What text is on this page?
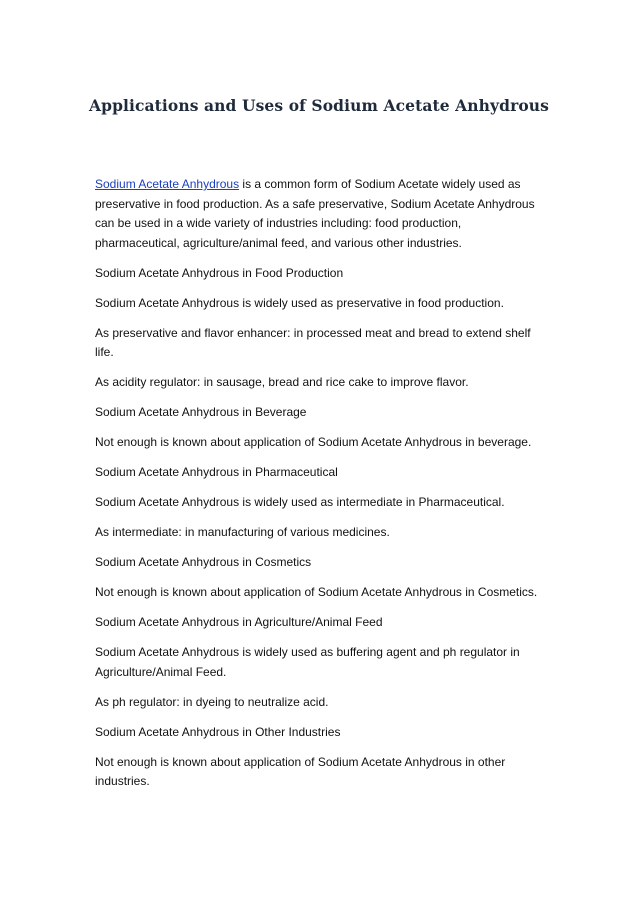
Applications and Uses of Sodium Acetate Anhydrous

Sodium Acetate Anhydrous is a common form of Sodium Acetate widely used as preservative in food production. As a safe preservative, Sodium Acetate Anhydrous can be used in a wide variety of industries including: food production, pharmaceutical, agriculture/animal feed, and various other industries.

Sodium Acetate Anhydrous in Food Production

Sodium Acetate Anhydrous is widely used as preservative in food production.

As preservative and flavor enhancer: in processed meat and bread to extend shelf life.

As acidity regulator: in sausage, bread and rice cake to improve flavor.

Sodium Acetate Anhydrous in Beverage

Not enough is known about application of Sodium Acetate Anhydrous in beverage.

Sodium Acetate Anhydrous in Pharmaceutical

Sodium Acetate Anhydrous is widely used as intermediate in Pharmaceutical.

As intermediate: in manufacturing of various medicines.

Sodium Acetate Anhydrous in Cosmetics

Not enough is known about application of Sodium Acetate Anhydrous in Cosmetics.

Sodium Acetate Anhydrous in Agriculture/Animal Feed

Sodium Acetate Anhydrous is widely used as buffering agent and ph regulator in Agriculture/Animal Feed.

As ph regulator: in dyeing to neutralize acid.

Sodium Acetate Anhydrous in Other Industries

Not enough is known about application of Sodium Acetate Anhydrous in other industries.
